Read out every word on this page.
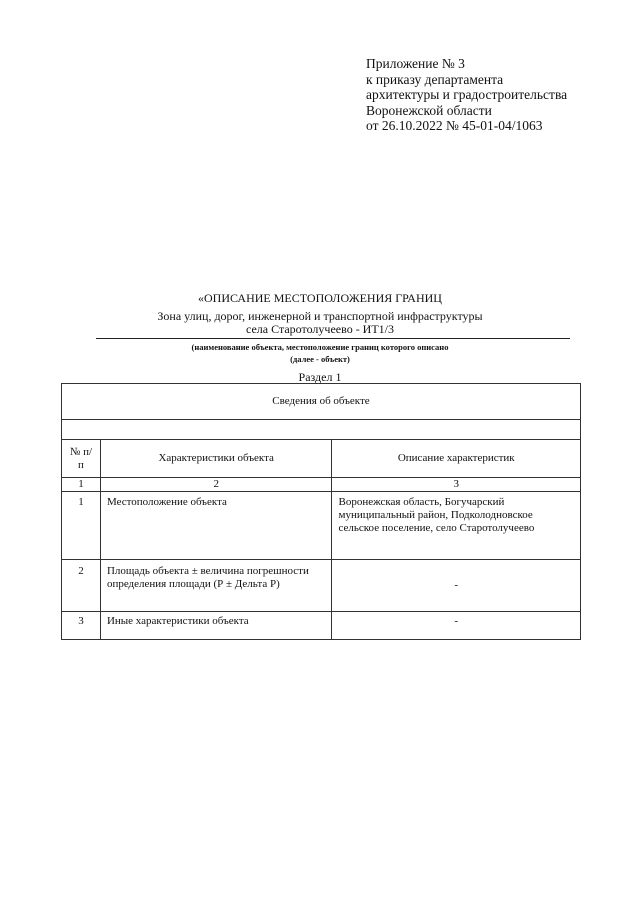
Приложение № 3
к приказу департамента
архитектуры и градостроительства
Воронежской области
от 26.10.2022 № 45-01-04/1063
«ОПИСАНИЕ МЕСТОПОЛОЖЕНИЯ ГРАНИЦ
Зона улиц, дорог, инженерной и транспортной инфраструктуры
села Старотолучеево - ИТ1/3
(наименование объекта, местоположение границ которого описано
(далее - объект)
Раздел 1
Сведения об объекте		

№ п/п	Характеристики объекта	Описание характеристик
1	2	3
1	Местоположение объекта	Воронежская область, Богучарский муниципальный район, Подколодновское сельское поселение, село Старотолучеево
2	Площадь объекта ± величина погрешности определения площади (Р ± Дельта Р)	-
3	Иные характеристики объекта	-
